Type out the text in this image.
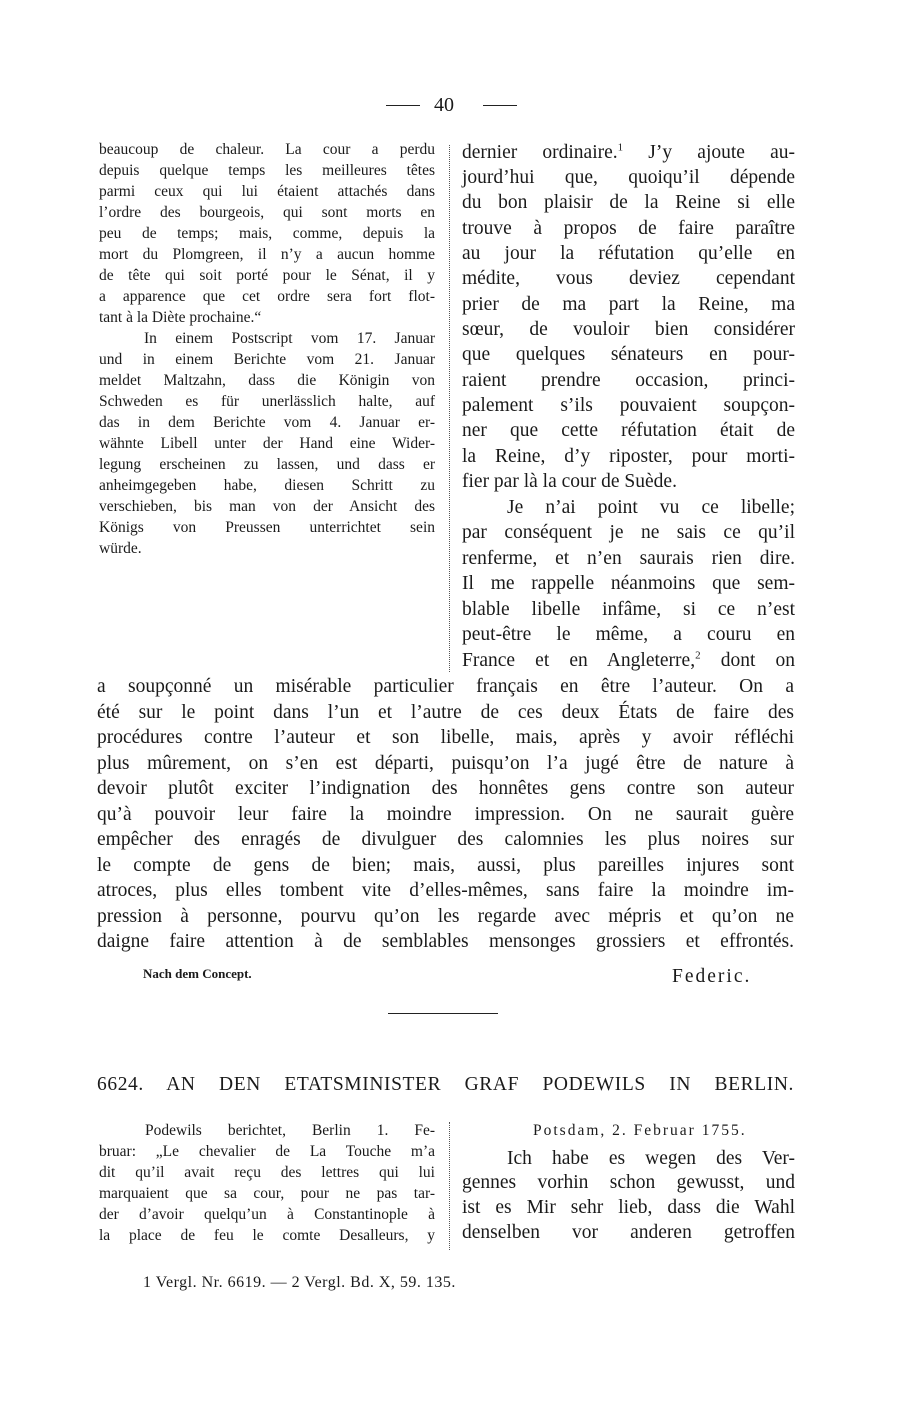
40
beaucoup de chaleur. La cour a perdu
depuis quelque temps les meilleures têtes
parmi ceux qui lui étaient attachés dans
l’ordre des bourgeois, qui sont morts en
peu de temps; mais, comme, depuis la
mort du Plomgreen, il n’y a aucun homme
de tête qui soit porté pour le Sénat, il y
a apparence que cet ordre sera fort flot-
tant à la Diète prochaine.“
In einem Postscript vom 17. Januar
und in einem Berichte vom 21. Januar
meldet Maltzahn, dass die Königin von
Schweden es für unerlässlich halte, auf
das in dem Berichte vom 4. Januar er-
wähnte Libell unter der Hand eine Wider-
legung erscheinen zu lassen, und dass er
anheimgegeben habe, diesen Schritt zu
verschieben, bis man von der Ansicht des
Königs von Preussen unterrichtet sein
würde.
dernier ordinaire.$^1$ J’y ajoute au-
jourd’hui que, quoiqu’il dépende
du bon plaisir de la Reine si elle
trouve à propos de faire paraître
au jour la réfutation qu’elle en
médite, vous deviez cependant
prier de ma part la Reine, ma
sœur, de vouloir bien considérer
que quelques sénateurs en pour-
raient prendre occasion, princi-
palement s’ils pouvaient soupçon-
ner que cette réfutation était de
la Reine, d’y riposter, pour morti-
fier par là la cour de Suède.
Je n’ai point vu ce libelle;
par conséquent je ne sais ce qu’il
renferme, et n’en saurais rien dire.
Il me rappelle néanmoins que sem-
blable libelle infâme, si ce n’est
peut-être le même, a couru en
France et en Angleterre,$^2$ dont on
a soupçonné un misérable particulier français en être l’auteur. On a
été sur le point dans l’un et l’autre de ces deux États de faire des
procédures contre l’auteur et son libelle, mais, après y avoir réfléchi
plus mûrement, on s’en est départi, puisqu’on l’a jugé être de nature à
devoir plutôt exciter l’indignation des honnêtes gens contre son auteur
qu’à pouvoir leur faire la moindre impression. On ne saurait guère
empêcher des enragés de divulguer des calomnies les plus noires sur
le compte de gens de bien; mais, aussi, plus pareilles injures sont
atroces, plus elles tombent vite d’elles-mêmes, sans faire la moindre im-
pression à personne, pourvu qu’on les regarde avec mépris et qu’on ne
daigne faire attention à de semblables mensonges grossiers et effrontés.
Nach dem Concept.	Federic.
6624. AN DEN ETATSMINISTER GRAF PODEWILS IN BERLIN.
Podewils berichtet, Berlin 1. Fe-
bruar: „Le chevalier de La Touche m’a
dit qu’il avait reçu des lettres qui lui
marquaient que sa cour, pour ne pas tar-
der d’avoir quelqu’un à Constantinople à
la place de feu le comte Desalleurs, y
Potsdam, 2. Februar 1755.
Ich habe es wegen des Ver-
gennes vorhin schon gewusst, und
ist es Mir sehr lieb, dass die Wahl
denselben vor anderen getroffen
1 Vergl. Nr. 6619. — 2 Vergl. Bd. X, 59. 135.
